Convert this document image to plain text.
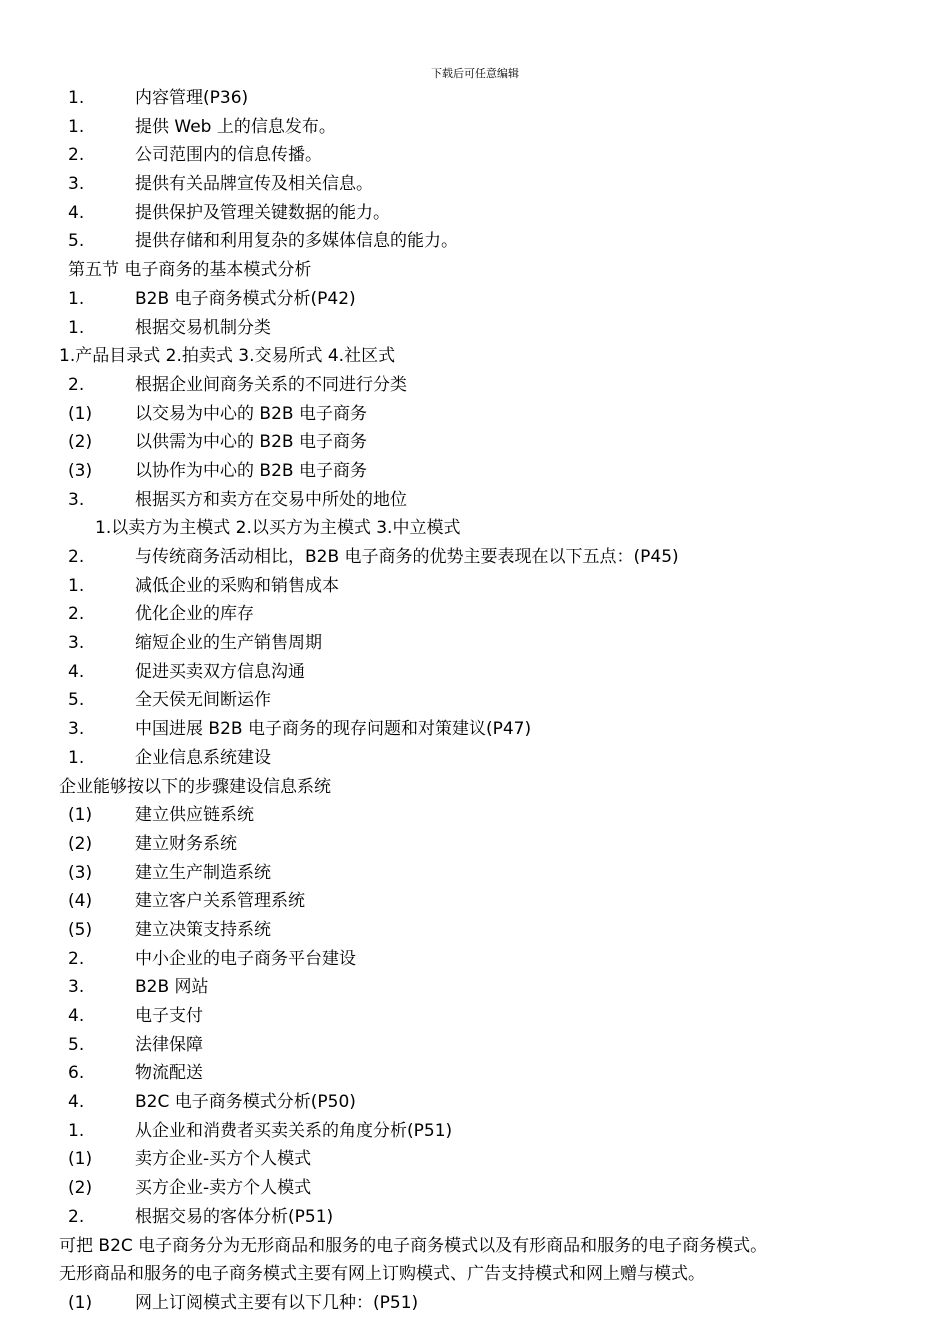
下载后可任意编辑
1.	内容管理(P36)
1.	提供 Web 上的信息发布。
2.	公司范围内的信息传播。
3.	提供有关品牌宣传及相关信息。
4.	提供保护及管理关键数据的能力。
5.	提供存储和利用复杂的多媒体信息的能力。
第五节 电子商务的基本模式分析
1.	B2B 电子商务模式分析(P42)
1.	根据交易机制分类
1.产品目录式 2.拍卖式 3.交易所式 4.社区式
2.	根据企业间商务关系的不同进行分类
(1)	以交易为中心的 B2B 电子商务
(2)	以供需为中心的 B2B 电子商务
(3)	以协作为中心的 B2B 电子商务
3.	根据买方和卖方在交易中所处的地位
1.以卖方为主模式 2.以买方为主模式 3.中立模式
2.	与传统商务活动相比，B2B 电子商务的优势主要表现在以下五点：(P45)
1.	减低企业的采购和销售成本
2.	优化企业的库存
3.	缩短企业的生产销售周期
4.	促进买卖双方信息沟通
5.	全天侯无间断运作
3.	中国进展 B2B 电子商务的现存问题和对策建议(P47)
1.	企业信息系统建设
企业能够按以下的步骤建设信息系统
(1)	建立供应链系统
(2)	建立财务系统
(3)	建立生产制造系统
(4)	建立客户关系管理系统
(5)	建立决策支持系统
2.	中小企业的电子商务平台建设
3.	B2B 网站
4.	电子支付
5.	法律保障
6.	物流配送
4.	B2C 电子商务模式分析(P50)
1.	从企业和消费者买卖关系的角度分析(P51)
(1)	卖方企业-买方个人模式
(2)	买方企业-卖方个人模式
2.	根据交易的客体分析(P51)
可把 B2C 电子商务分为无形商品和服务的电子商务模式以及有形商品和服务的电子商务模式。
无形商品和服务的电子商务模式主要有网上订购模式、广告支持模式和网上赠与模式。
(1)	网上订阅模式主要有以下几种：(P51)
